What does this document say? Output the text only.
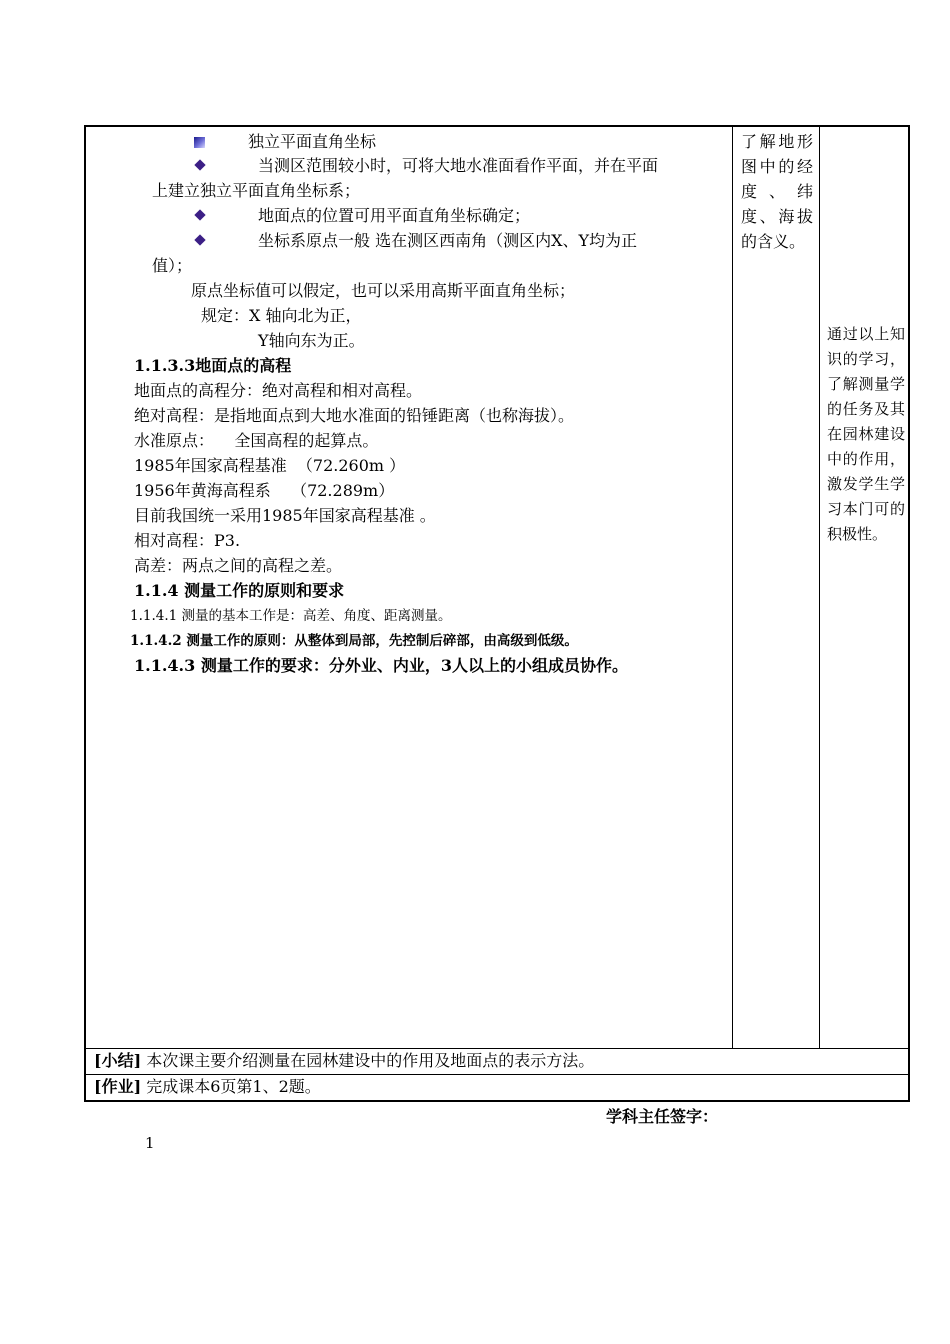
独立平面直角坐标
当测区范围较小时，可将大地水准面看作平面，并在平面
上建立独立平面直角坐标系；
地面点的位置可用平面直角坐标确定；
坐标系原点一般 选在测区西南角（测区内X、Y均为正
值）；
原点坐标值可以假定，也可以采用高斯平面直角坐标；
规定：X 轴向北为正，
Y轴向东为正。
1.1.3.3地面点的高程
地面点的高程分：绝对高程和相对高程。
绝对高程：是指地面点到大地水准面的铅锤距离（也称海拔）。
水准原点：    全国高程的起算点。
1985年国家高程基准  （72.260m ）
1956年黄海高程系    （72.289m）
目前我国统一采用1985年国家高程基准 。
相对高程：P3.
高差：两点之间的高程之差。
1.1.4 测量工作的原则和要求
1.1.4.1 测量的基本工作是：高差、角度、距离测量。
1.1.4.2 测量工作的原则：从整体到局部，先控制后碎部，由高级到低级。
1.1.4.3 测量工作的要求：分外业、内业，3人以上的小组成员协作。
了解地形图中的经度、纬度、海拔的含义。
通过以上知识的学习，了解测量学的任务及其在园林建设中的作用，激发学生学习本门可的积极性。
[小结] 本次课主要介绍测量在园林建设中的作用及地面点的表示方法。
[作业] 完成课本6页第1、2题。
学科主任签字：
1
